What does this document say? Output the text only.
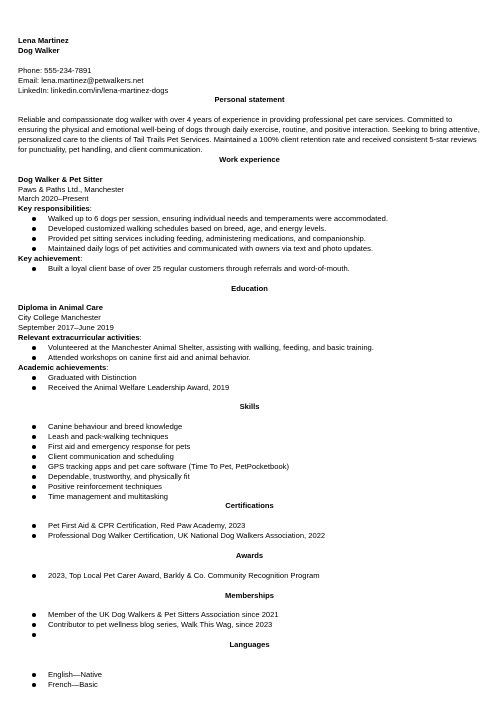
Lena Martinez
Dog Walker
Phone: 555-234-7891
Email: lena.martinez@petwalkers.net
LinkedIn: linkedin.com/in/lena-martinez-dogs
Personal statement
Reliable and compassionate dog walker with over 4 years of experience in providing professional pet care services. Committed to ensuring the physical and emotional well-being of dogs through daily exercise, routine, and positive interaction. Seeking to bring attentive, personalized care to the clients of Tail Trails Pet Services. Maintained a 100% client retention rate and received consistent 5-star reviews for punctuality, pet handling, and client communication.
Work experience
Dog Walker & Pet Sitter
Paws & Paths Ltd., Manchester
March 2020–Present
Key responsibilities:
Walked up to 6 dogs per session, ensuring individual needs and temperaments were accommodated.
Developed customized walking schedules based on breed, age, and energy levels.
Provided pet sitting services including feeding, administering medications, and companionship.
Maintained daily logs of pet activities and communicated with owners via text and photo updates.
Key achievement:
Built a loyal client base of over 25 regular customers through referrals and word-of-mouth.
Education
Diploma in Animal Care
City College Manchester
September 2017–June 2019
Relevant extracurricular activities:
Volunteered at the Manchester Animal Shelter, assisting with walking, feeding, and basic training.
Attended workshops on canine first aid and animal behavior.
Academic achievements:
Graduated with Distinction
Received the Animal Welfare Leadership Award, 2019
Skills
Canine behaviour and breed knowledge
Leash and pack-walking techniques
First aid and emergency response for pets
Client communication and scheduling
GPS tracking apps and pet care software (Time To Pet, PetPocketbook)
Dependable, trustworthy, and physically fit
Positive reinforcement techniques
Time management and multitasking
Certifications
Pet First Aid & CPR Certification, Red Paw Academy, 2023
Professional Dog Walker Certification, UK National Dog Walkers Association, 2022
Awards
2023, Top Local Pet Carer Award, Barkly & Co. Community Recognition Program
Memberships
Member of the UK Dog Walkers & Pet Sitters Association since 2021
Contributor to pet wellness blog series, Walk This Wag, since 2023

Languages
English—Native
French—Basic
